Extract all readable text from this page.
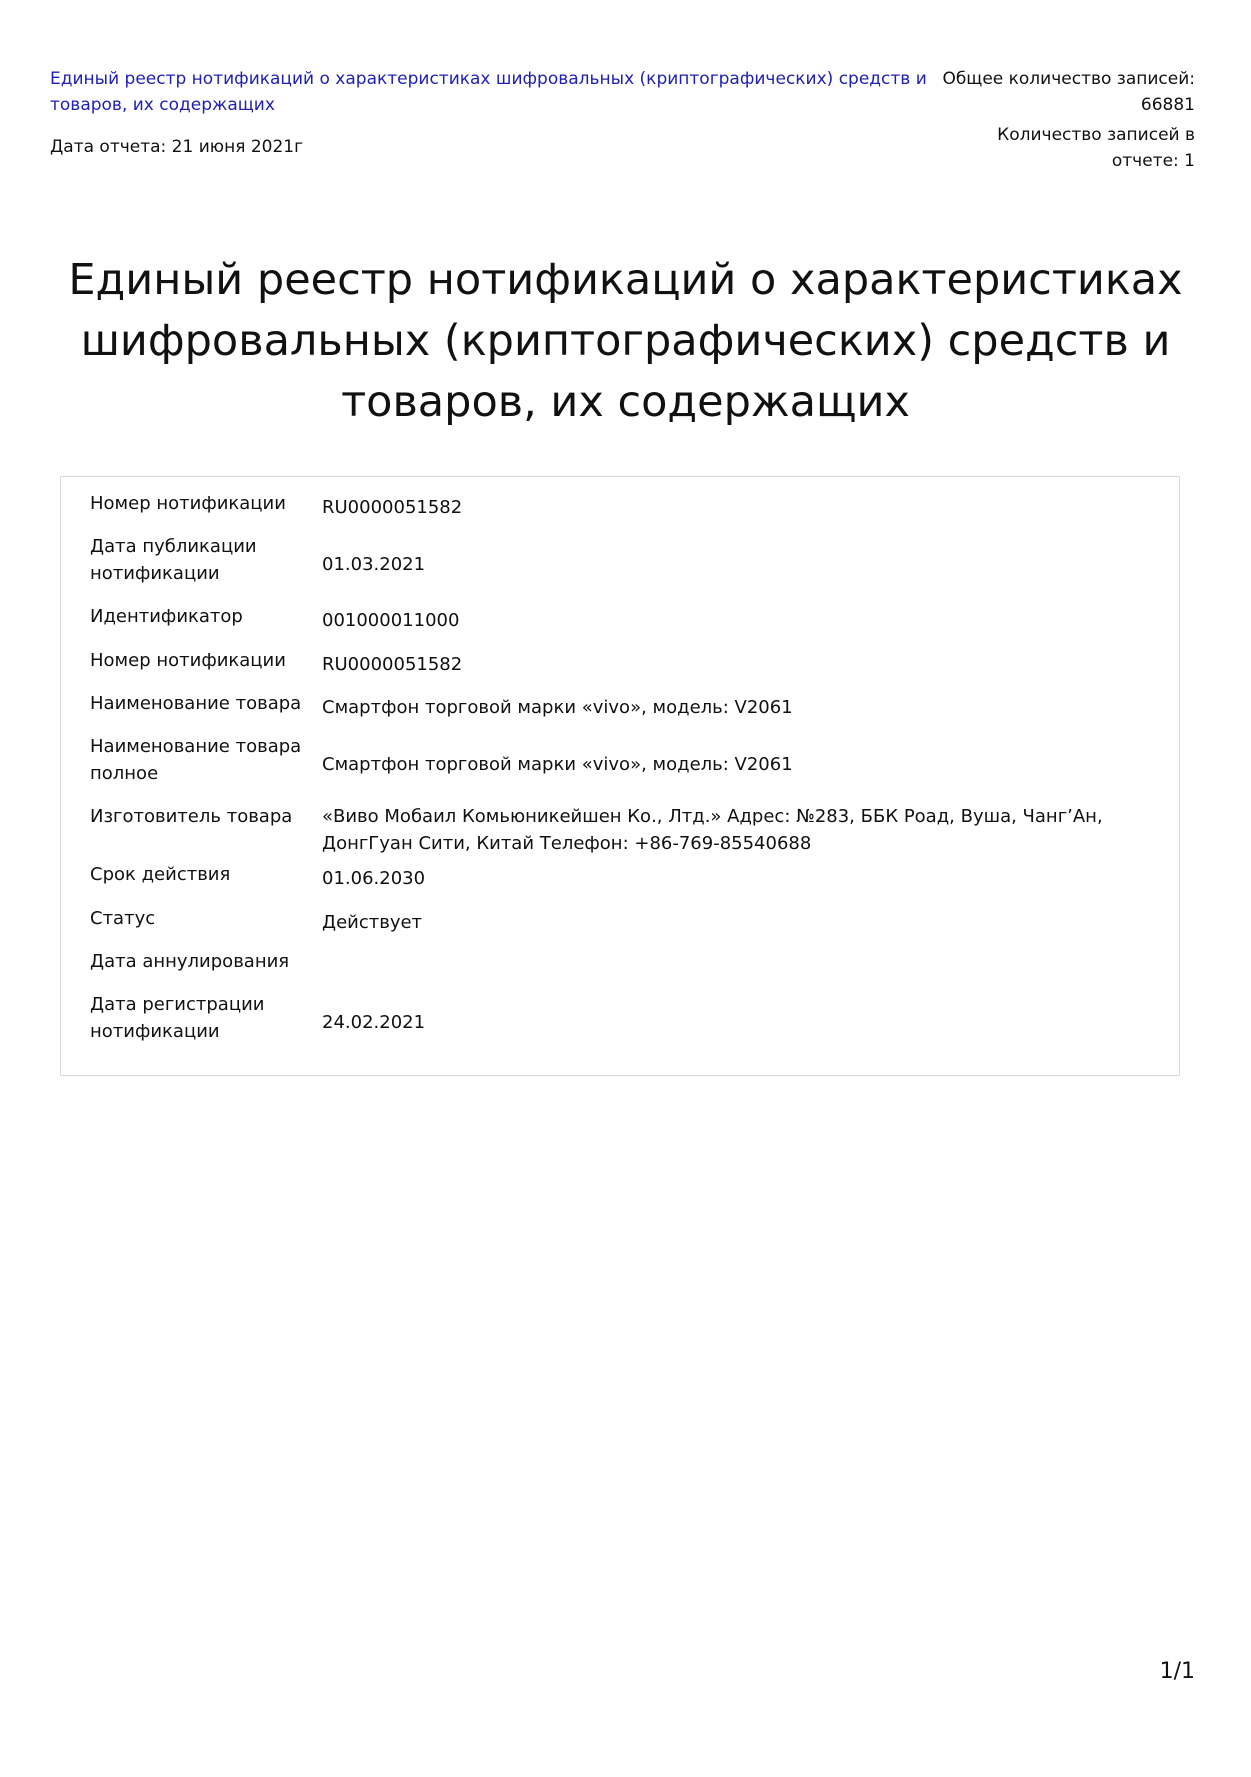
Единый реестр нотификаций о характеристиках шифровальных (криптографических) средств и товаров, их содержащих
Дата отчета: 21 июня 2021г
Общее количество записей: 66881
Количество записей в отчете: 1
Единый реестр нотификаций о характеристиках шифровальных (криптографических) средств и товаров, их содержащих
Номер нотификации	RU0000051582
Дата публикации нотификации	01.03.2021
Идентификатор	001000011000
Номер нотификации	RU0000051582
Наименование товара	Смартфон торговой марки «vivo», модель: V2061
Наименование товара полное	Смартфон торговой марки «vivo», модель: V2061
Изготовитель товара	«Виво Мобаил Комьюникейшен Ко., Лтд.» Адрес: №283, ББК Роад, Вуша, Чанг’Ан, ДонгГуан Сити, Китай Телефон: +86-769-85540688
Срок действия	01.06.2030
Статус	Действует
Дата аннулирования
Дата регистрации нотификации	24.02.2021
1/1
